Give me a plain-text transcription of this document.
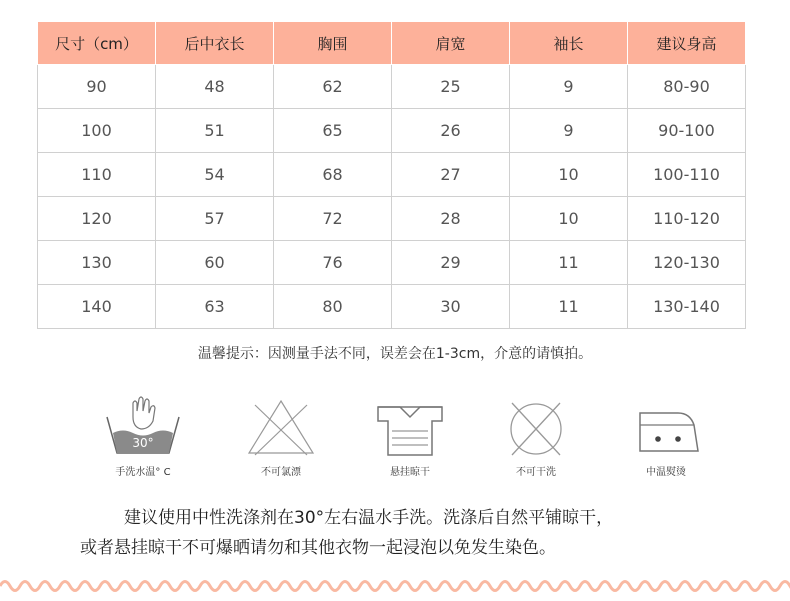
尺寸（cm）	后中衣长	胸围	肩宽	袖长	建议身高
90	48	62	25	9	80-90
100	51	65	26	9	90-100
110	54	68	27	10	100-110
120	57	72	28	10	110-120
130	60	76	29	11	120-130
140	63	80	30	11	130-140
温馨提示：因测量手法不同，误差会在1-3cm，介意的请慎拍。
30°
手洗水温° C	不可氯漂	悬挂晾干	不可干洗	中温熨烫

建议使用中性洗涤剂在30°左右温水手洗。洗涤后自然平铺晾干，

或者悬挂晾干不可爆晒请勿和其他衣物一起浸泡以免发生染色。
